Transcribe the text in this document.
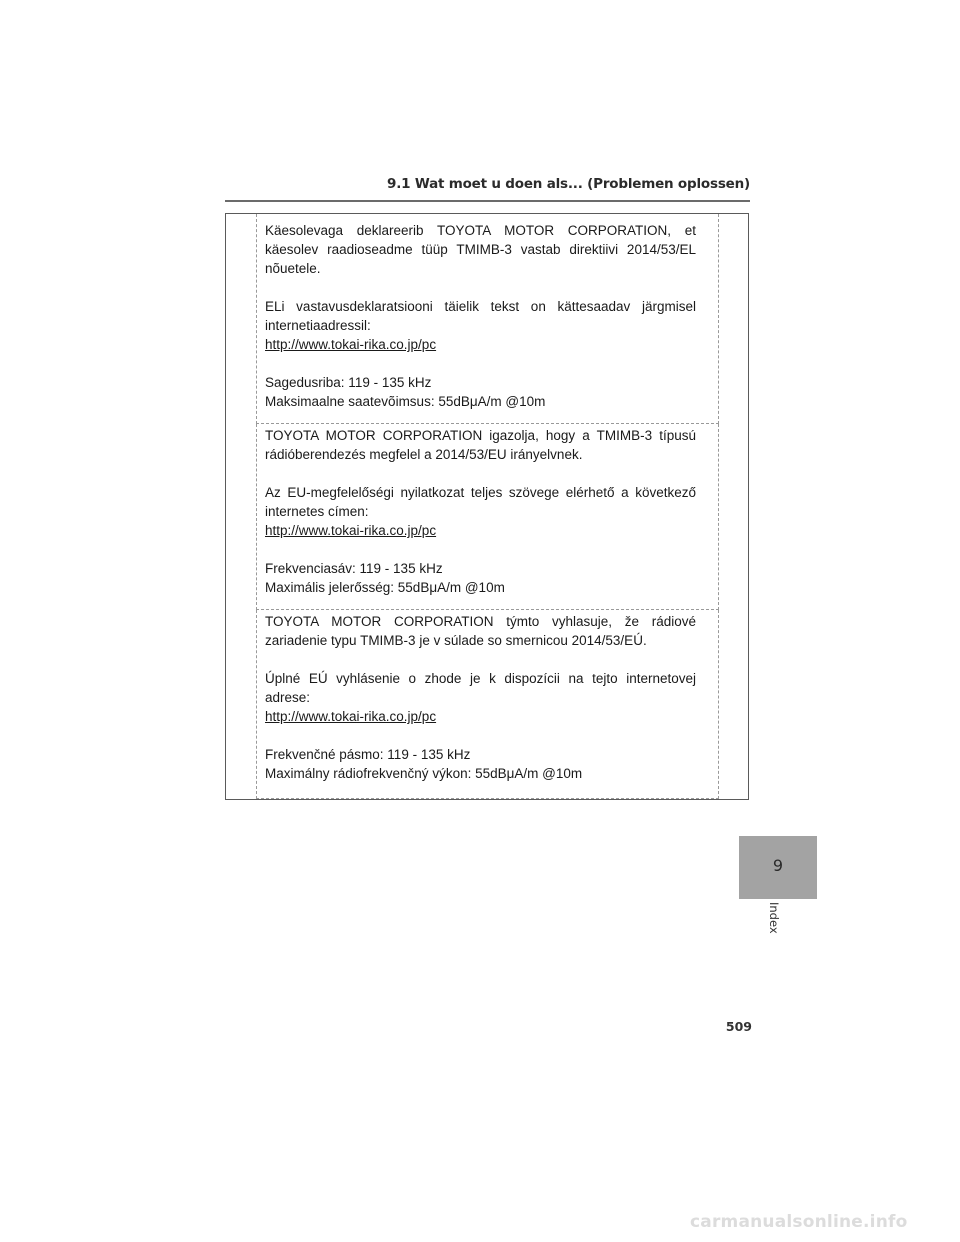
9.1 Wat moet u doen als... (Problemen oplossen)

Käesolevaga deklareerib TOYOTA MOTOR CORPORATION, et käesolev raadioseadme tüüp TMIMB-3 vastab direktiivi 2014/53/EL nõuetele.

ELi vastavusdeklaratsiooni täielik tekst on kättesaadav järgmisel internetiaadressil:

http://www.tokai-rika.co.jp/pc

Sagedusriba: 119 - 135 kHz

Maksimaalne saatevõimsus: 55dBμA/m @10m

TOYOTA MOTOR CORPORATION igazolja, hogy a TMIMB-3 típusú rádióberendezés megfelel a 2014/53/EU irányelvnek.

Az EU-megfelelőségi nyilatkozat teljes szövege elérhető a következő internetes címen:

http://www.tokai-rika.co.jp/pc

Frekvenciasáv: 119 - 135 kHz

Maximális jelerősség: 55dBμA/m @10m

TOYOTA MOTOR CORPORATION týmto vyhlasuje, že rádiové zariadenie typu TMIMB-3 je v súlade so smernicou 2014/53/EÚ.

Úplné EÚ vyhlásenie o zhode je k dispozícii na tejto internetovej adrese:

http://www.tokai-rika.co.jp/pc

Frekvenčné pásmo: 119 - 135 kHz

Maximálny rádiofrekvenčný výkon: 55dBμA/m @10m

9
Index
509
carmanualsonline.info
